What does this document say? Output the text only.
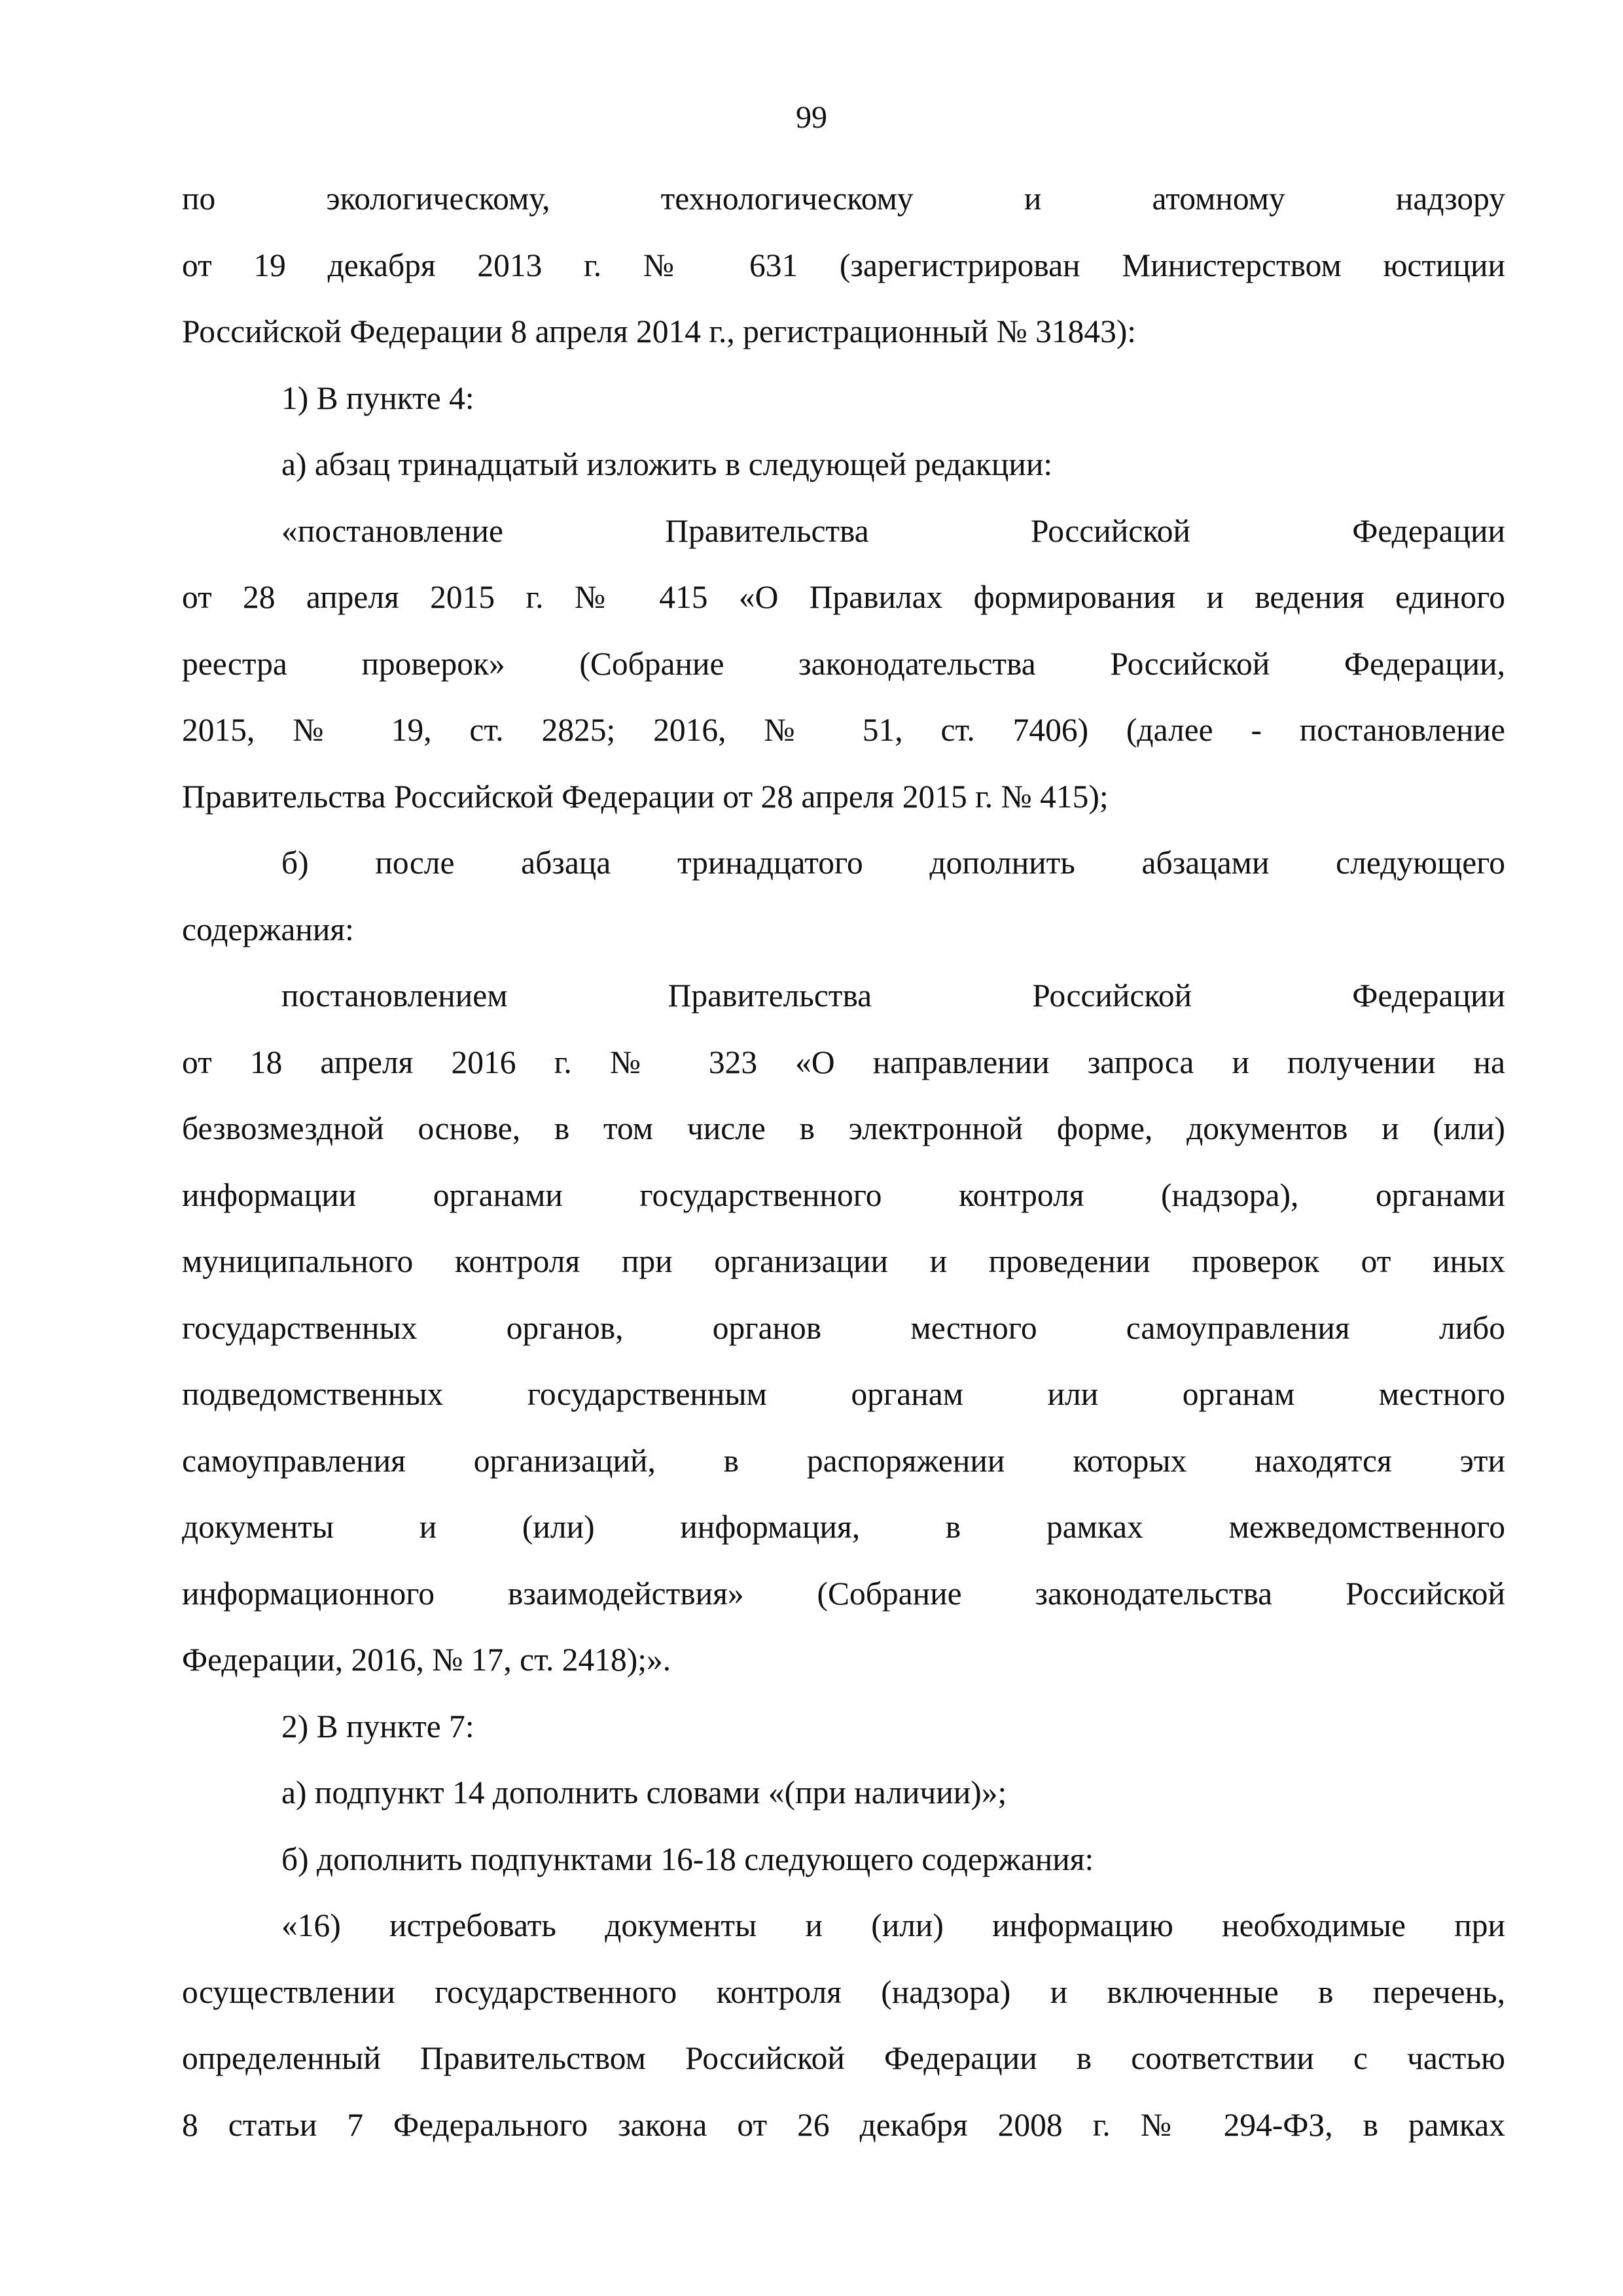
99
по экологическому, технологическому и атомному надзору
от 19 декабря 2013 г. № 631 (зарегистрирован Министерством юстиции
Российской Федерации 8 апреля 2014 г., регистрационный № 31843):
1) В пункте 4:
а) абзац тринадцатый изложить в следующей редакции:
«постановление Правительства Российской Федерации
от 28 апреля 2015 г. № 415 «О Правилах формирования и ведения единого
реестра проверок» (Собрание законодательства Российской Федерации,
2015, № 19, ст. 2825; 2016, № 51, ст. 7406) (далее - постановление
Правительства Российской Федерации от 28 апреля 2015 г. № 415);
б) после абзаца тринадцатого дополнить абзацами следующего
содержания:
постановлением Правительства Российской Федерации
от 18 апреля 2016 г. № 323 «О направлении запроса и получении на
безвозмездной основе, в том числе в электронной форме, документов и (или)
информации органами государственного контроля (надзора), органами
муниципального контроля при организации и проведении проверок от иных
государственных органов, органов местного самоуправления либо
подведомственных государственным органам или органам местного
самоуправления организаций, в распоряжении которых находятся эти
документы и (или) информация, в рамках межведомственного
информационного взаимодействия» (Собрание законодательства Российской
Федерации, 2016, № 17, ст. 2418);».
2) В пункте 7:
а) подпункт 14 дополнить словами «(при наличии)»;
б) дополнить подпунктами 16-18 следующего содержания:
«16) истребовать документы и (или) информацию необходимые при
осуществлении государственного контроля (надзора) и включенные в перечень,
определенный Правительством Российской Федерации в соответствии с частью
8 статьи 7 Федерального закона от 26 декабря 2008 г. № 294-ФЗ, в рамках
